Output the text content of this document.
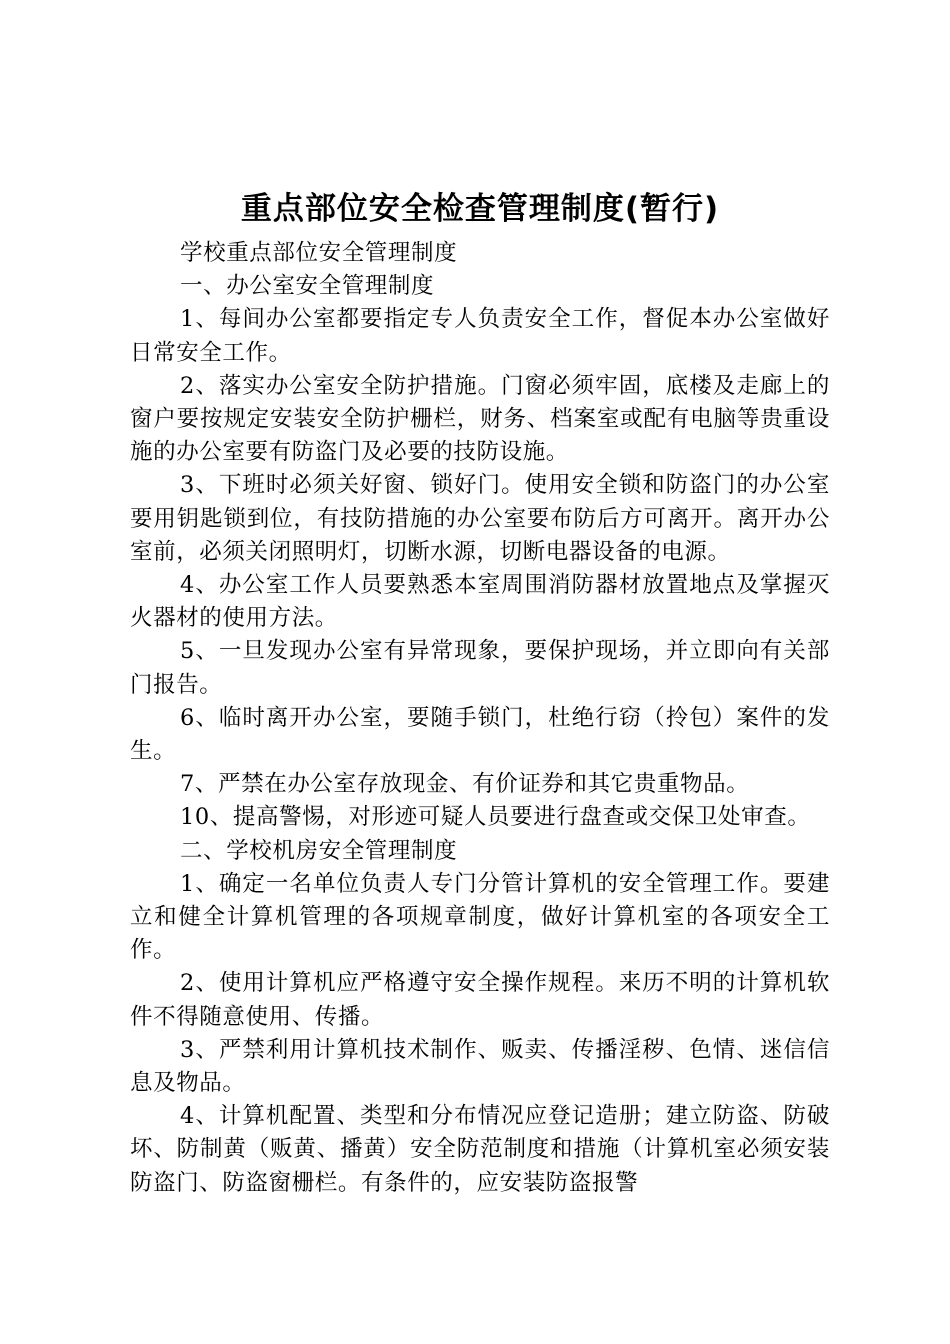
重点部位安全检查管理制度(暂行)

学校重点部位安全管理制度

一、办公室安全管理制度

1、每间办公室都要指定专人负责安全工作，督促本办公室做好日常安全工作。

2、落实办公室安全防护措施。门窗必须牢固，底楼及走廊上的窗户要按规定安装安全防护栅栏，财务、档案室或配有电脑等贵重设施的办公室要有防盗门及必要的技防设施。

3、下班时必须关好窗、锁好门。使用安全锁和防盗门的办公室要用钥匙锁到位，有技防措施的办公室要布防后方可离开。离开办公室前，必须关闭照明灯，切断水源，切断电器设备的电源。

4、办公室工作人员要熟悉本室周围消防器材放置地点及掌握灭火器材的使用方法。

5、一旦发现办公室有异常现象，要保护现场，并立即向有关部门报告。

6、临时离开办公室，要随手锁门，杜绝行窃（拎包）案件的发生。

7、严禁在办公室存放现金、有价证券和其它贵重物品。

10、提高警惕，对形迹可疑人员要进行盘查或交保卫处审查。

二、学校机房安全管理制度

1、确定一名单位负责人专门分管计算机的安全管理工作。要建立和健全计算机管理的各项规章制度，做好计算机室的各项安全工作。

2、使用计算机应严格遵守安全操作规程。来历不明的计算机软件不得随意使用、传播。

3、严禁利用计算机技术制作、贩卖、传播淫秽、色情、迷信信息及物品。

4、计算机配置、类型和分布情况应登记造册；建立防盗、防破坏、防制黄（贩黄、播黄）安全防范制度和措施（计算机室必须安装防盗门、防盗窗栅栏。有条件的，应安装防盗报警
